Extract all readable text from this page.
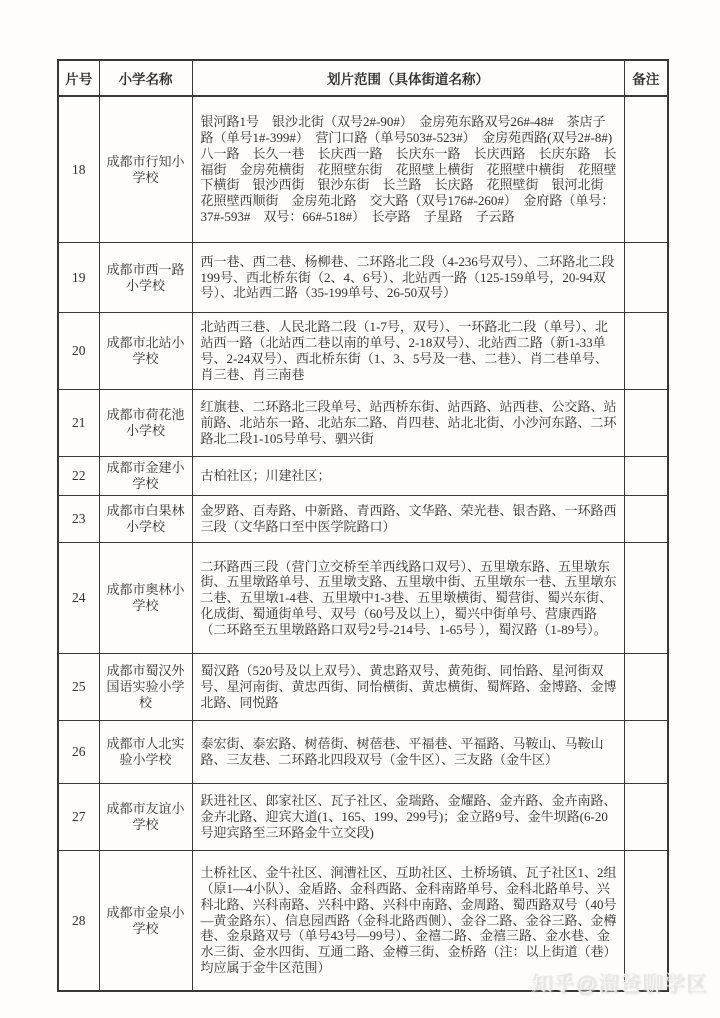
片号	小学名称	划片范围（具体街道名称）	备注
18	成都市行知小学校	银河路1号　银沙北街（双号2#-90#）　金房苑东路双号26#-48#　茶店子路（单号1#-399#）　营门口路（单号503#-523#）　金房苑西路(双号2#-8#)　八一路　长久一巷　长庆西一路　长庆东一路　长庆西路　长庆东路　长福街　金房苑横街　花照壁东街　花照壁上横街　花照壁中横街　花照壁下横街　银沙西街　银沙东街　长兰路　长庆路　花照壁街　银河北街　花照壁西顺街　金房苑北路　交大路（双号176#-260#）　金府路（单号：37#-593#　双号：66#-518#）　长亭路　子星路　子云路	
19	成都市西一路小学校	西一巷、西二巷、杨柳巷、二环路北二段（4-236号双号）、二环路北二段199号、西北桥东街（2、4、6号）、北站西一路（125-159单号，20-94双号）、北站西二路（35-199单号、26-50双号）	
20	成都市北站小学校	北站西三巷、人民北路二段（1-7号，双号）、一环路北二段（单号）、北站西一路（北站西二巷以南的单号、2-18双号）、北站西二路（新1-33单号、2-24双号）、西北桥东街（1、3、5号及一巷、二巷）、肖二巷单号、肖三巷、肖三南巷	
21	成都市荷花池小学校	红旗巷、二环路北三段单号、站西桥东街、站西路、站西巷、公交路、站前路、北站东一路、北站东二路、肖四巷、站北北街、小沙河东路、二环路北二段1-105号单号、驷兴街	
22	成都市金建小学校	古柏社区；川建社区；	
23	成都市白果林小学校	金罗路、百寿路、中新路、青西路、文华路、荣光巷、银杏路、一环路西三段（文华路口至中医学院路口）	
24	成都市奥林小学校	二环路西三段（营门立交桥至羊西线路口双号）、五里墩东路、五里墩东街、五里墩路单号、五里墩支路、五里墩中街、五里墩东一巷、五里墩东二巷、五里墩1-4巷、五里墩中1-3巷、五里墩横街、蜀营街、蜀兴东街、化成街、蜀通街单号、双号（60号及以上），蜀兴中街单号、营康西路（二环路至五里墩路路口双号2号-214号、1-65号 ），蜀汉路（1-89号）。	
25	成都市蜀汉外国语实验小学校	蜀汉路（520号及以上双号）、黄忠路双号、黄苑街、同怡路、星河街双号、星河南街、黄忠西街、同怡横街、黄忠横街、蜀辉路、金博路、金博北路、同悦路	
26	成都市人北实验小学校	泰宏街、泰宏路、树蓓街、树蓓巷、平福巷、平福路、马鞍山、马鞍山路、三友巷、二环路北四段双号（金牛区）、三友路（金牛区）	
27	成都市友谊小学校	跃进社区、郎家社区、瓦子社区、金瑞路、金耀路、金卉路、金卉南路、金卉北路、迎宾大道(1、165、199、299号)；金立路9号、金牛坝路(6-20号迎宾路至三环路金牛立交段)	
28	成都市金泉小学校	土桥社区、金牛社区、涧漕社区、互助社区、土桥场镇、瓦子社区1、2组（原1—4小队）、金盾路、金科西路、金科南路单号、金科北路单号、兴科北路、兴科南路、兴科中路、兴科中南路、金周路、蜀西路双号（40号—黄金路东）、信息园西路（金科北路西侧）、金谷二路、金谷三路、金樽巷、金泉路双号（单号43号—99号）、金禧二路、金禧三路、金水巷、金水三街、金水四街、互通二路、金樽三街、金桥路（注：以上街道（巷）均应属于金牛区范围）	
知乎@溜爸聊学区
